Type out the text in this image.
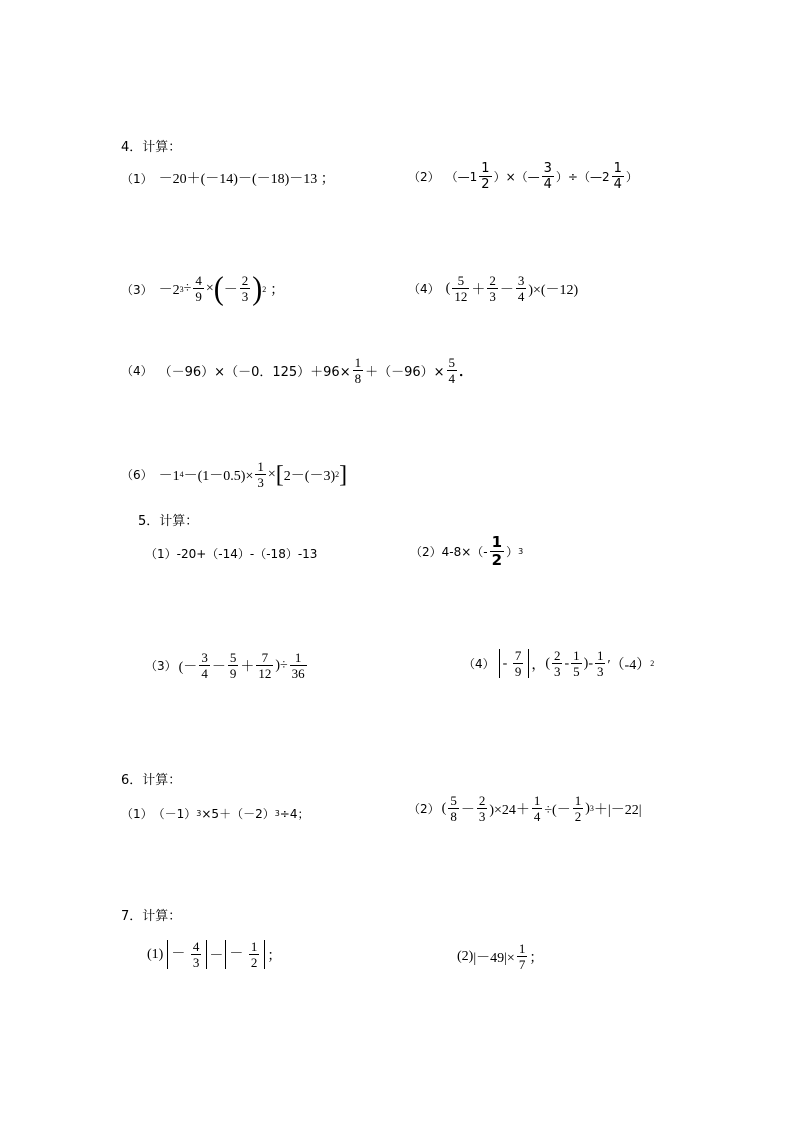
4．计算：
（1） －20＋(－14)－(－18)－13 ；	（2） （—1 $\frac{1}{2}$ ）×（— $\frac{3}{4}$ ）÷（—2 $\frac{1}{4}$ ）
（3） －2 $3 \div \frac{4}{9}$ × ( － $\frac{2}{3}$ ) 2 ；	（4） ( $\frac{5}{12} + \frac{2}{3} - \frac{3}{4} )\times(-12)$
（4） （－96）×（－0．$125)+96\times \frac{1}{8} +(-96)\times \frac{5}{4}$ ．
（6） －1 $4 -(1-0.5)\times \frac{1}{3}$ × [ 2－(－3) 2 ]
5．计算：
（1） -20+（-14）-（-18）-13	（2） $4-8\times(- \frac{1}{2}$ ） 3
（3） (－ $\frac{3}{4} - \frac{5}{9} + \frac{7}{12}$ )÷ $\frac{1}{36}$	$(4) - \frac{7}{9}$ ， ( $\frac{2}{3} - \frac{1}{5}$ )- $\frac{1}{3} '(-4)$ 2
6．计算：
（1） （－1） 3 ×5＋（－2） 3 ÷4；	（2） ( $\frac{5}{8} - \frac{2}{3} )\times 24+ \frac{1}{4}$ ÷(－ $\frac{1}{2}$ ) 3 ＋|－22|
7．计算：
$(1) - \frac{4}{3}$ － － $\frac{1}{2}$ ；	(2) $|-49|\times \frac{1}{7}$ ；
